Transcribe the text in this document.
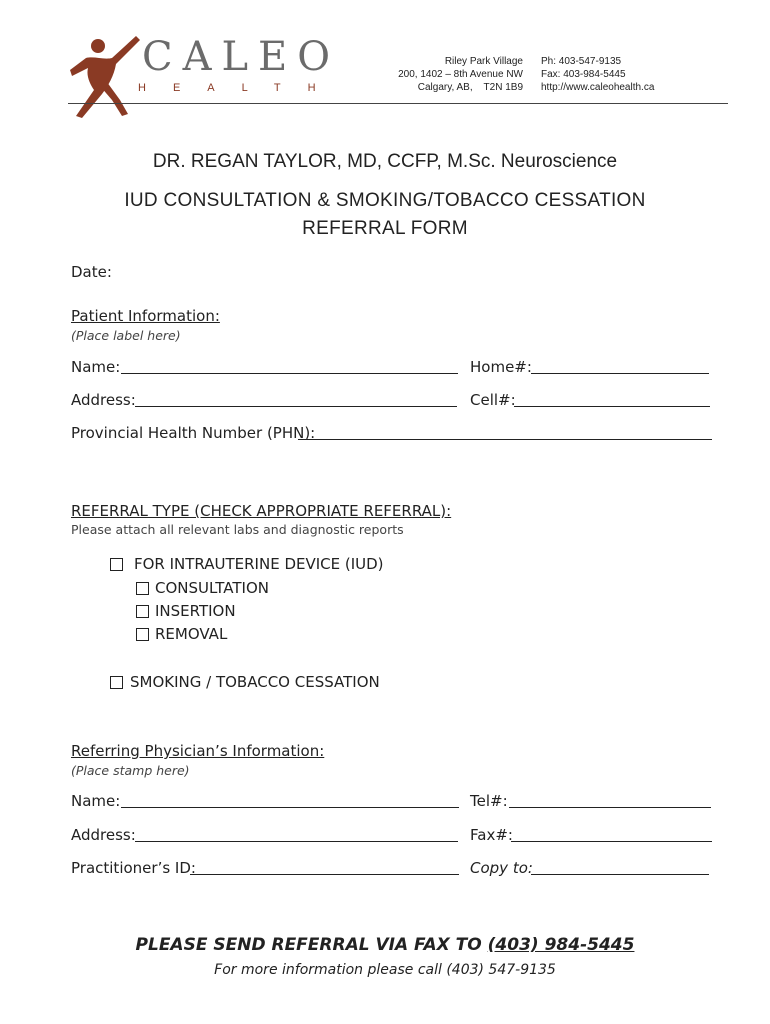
CALEO
HEALTH
Riley Park Village
200, 1402 – 8th Avenue NW
Calgary, AB,    T2N 1B9
Ph: 403-547-9135
Fax: 403-984-5445
http://www.caleohealth.ca
DR. REGAN TAYLOR, MD, CCFP, M.Sc. Neuroscience
IUD CONSULTATION & SMOKING/TOBACCO CESSATION
REFERRAL FORM
Date:
Patient Information:
(Place label here)
Name:	Home#:
Address:	Cell#:
Provincial Health Number (PHN):
REFERRAL TYPE (CHECK APPROPRIATE REFERRAL):
Please attach all relevant labs and diagnostic reports
FOR INTRAUTERINE DEVICE (IUD)
CONSULTATION
INSERTION
REMOVAL
SMOKING / TOBACCO CESSATION
Referring Physician’s Information:
(Place stamp here)
Name:	Tel#:
Address:	Fax#:
Practitioner’s ID:	Copy to:
PLEASE SEND REFERRAL VIA FAX TO (403) 984-5445
For more information please call (403) 547-9135
